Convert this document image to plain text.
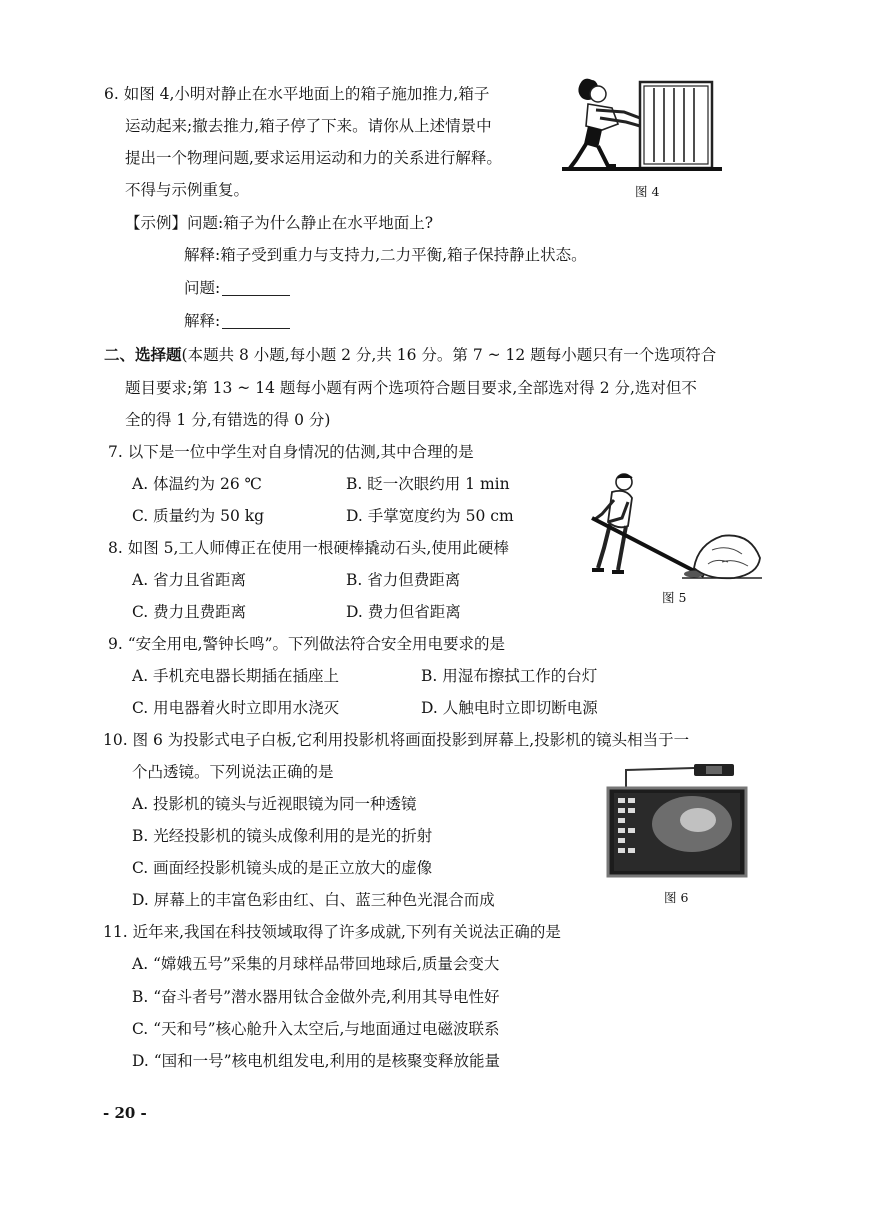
6. 如图 4,小明对静止在水平地面上的箱子施加推力,箱子
运动起来;撤去推力,箱子停了下来。请你从上述情景中
提出一个物理问题,要求运用运动和力的关系进行解释。
不得与示例重复。
【示例】问题:箱子为什么静止在水平地面上?
解释:箱子受到重力与支持力,二力平衡,箱子保持静止状态。
问题:
解释:
图 4
二、选择题(本题共 8 小题,每小题 2 分,共 16 分。第 7 ~ 12 题每小题只有一个选项符合
题目要求;第 13 ~ 14 题每小题有两个选项符合题目要求,全部选对得 2 分,选对但不
全的得 1 分,有错选的得 0 分)
7. 以下是一位中学生对自身情况的估测,其中合理的是
A. 体温约为 26 ℃	B. 眨一次眼约用 1 min
C. 质量约为 50 kg	D. 手掌宽度约为 50 cm
8. 如图 5,工人师傅正在使用一根硬棒撬动石头,使用此硬棒
A. 省力且省距离	B. 省力但费距离
C. 费力且费距离	D. 费力但省距离
图 5
9. “安全用电,警钟长鸣”。下列做法符合安全用电要求的是
A. 手机充电器长期插在插座上	B. 用湿布擦拭工作的台灯
C. 用电器着火时立即用水浇灭	D. 人触电时立即切断电源
10. 图 6 为投影式电子白板,它利用投影机将画面投影到屏幕上,投影机的镜头相当于一
个凸透镜。下列说法正确的是
A. 投影机的镜头与近视眼镜为同一种透镜
B. 光经投影机的镜头成像利用的是光的折射
C. 画面经投影机镜头成的是正立放大的虚像
D. 屏幕上的丰富色彩由红、白、蓝三种色光混合而成	图 6
11. 近年来,我国在科技领域取得了许多成就,下列有关说法正确的是
A. “嫦娥五号”采集的月球样品带回地球后,质量会变大
B. “奋斗者号”潜水器用钛合金做外壳,利用其导电性好
C. “天和号”核心舱升入太空后,与地面通过电磁波联系
D. “国和一号”核电机组发电,利用的是核聚变释放能量
- 20 -
